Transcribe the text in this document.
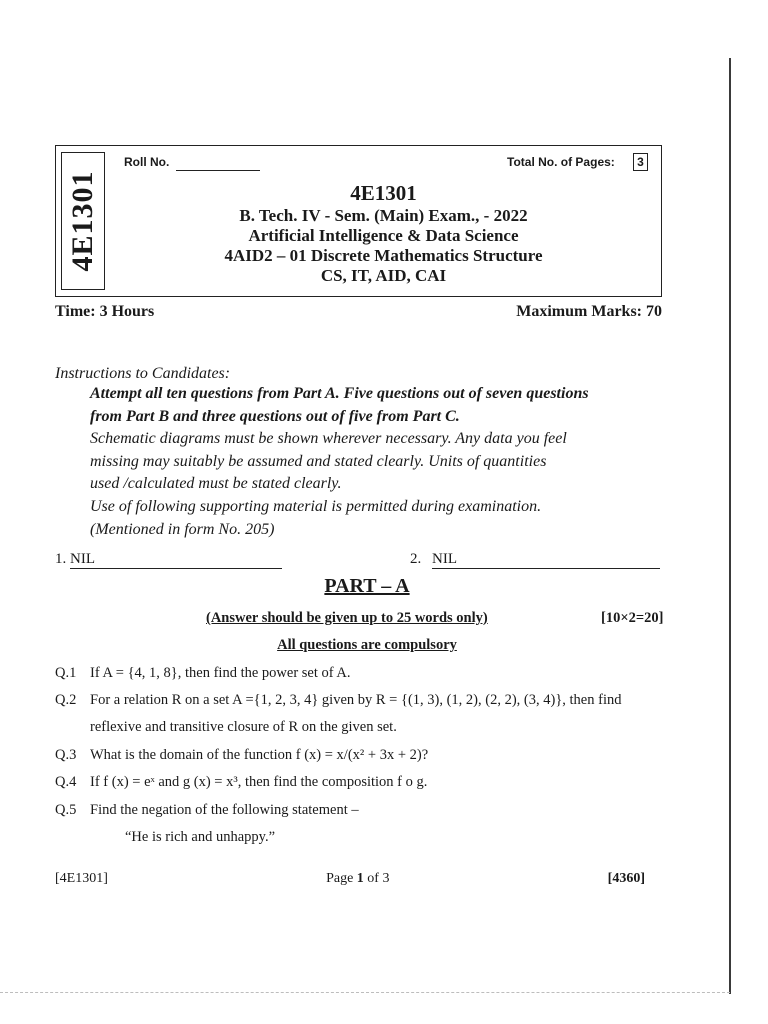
4E1301
Roll No.	Total No. of Pages:	3
4E1301
B. Tech. IV - Sem. (Main) Exam., - 2022
Artificial Intelligence & Data Science
4AID2 – 01 Discrete Mathematics Structure
CS, IT, AID, CAI
Time: 3 Hours	Maximum Marks: 70
Instructions to Candidates:
Attempt all ten questions from Part A. Five questions out of seven questions
from Part B and three questions out of five from Part C.
Schematic diagrams must be shown wherever necessary. Any data you feel
missing may suitably be assumed and stated clearly. Units of quantities
used /calculated must be stated clearly.
Use of following supporting material is permitted during examination.
(Mentioned in form No. 205)
1. NIL	2. NIL
PART – A
(Answer should be given up to 25 words only)	[10×2=20]
All questions are compulsory
Q.1 If A = {4, 1, 8}, then find the power set of A.
Q.2 For a relation R on a set A ={1, 2, 3, 4} given by R = {(1, 3), (1, 2), (2, 2), (3, 4)}, then find
reflexive and transitive closure of R on the given set.
Q.3 What is the domain of the function f (x) = x/(x² + 3x + 2)?
Q.4 If f (x) = eˣ and g (x) = x³, then find the composition f o g.
Q.5 Find the negation of the following statement –
“He is rich and unhappy.”
[4E1301]	Page 1 of 3	[4360]
